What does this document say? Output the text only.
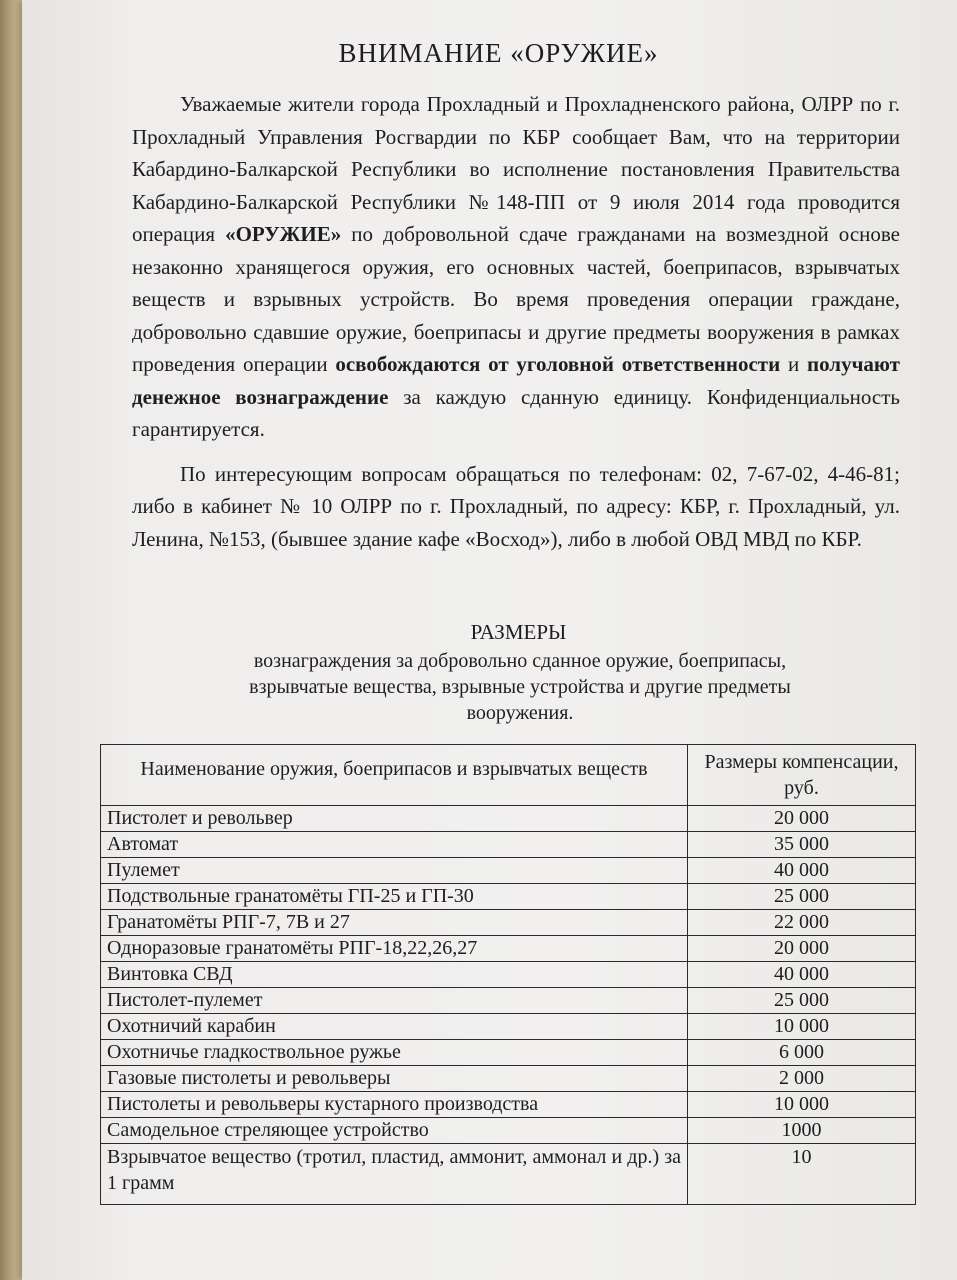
ВНИМАНИЕ «ОРУЖИЕ»

Уважаемые жители города Прохладный и Прохладненского района, ОЛРР по г. Прохладный Управления Росгвардии по КБР сообщает Вам, что на территории Кабардино-Балкарской Республики во исполнение постановления Правительства Кабардино-Балкарской Республики №148-ПП от 9 июля 2014 года проводится операция «ОРУЖИЕ» по добровольной сдаче гражданами на возмездной основе незаконно хранящегося оружия, его основных частей, боеприпасов, взрывчатых веществ и взрывных устройств. Во время проведения операции граждане, добровольно сдавшие оружие, боеприпасы и другие предметы вооружения в рамках проведения операции освобождаются от уголовной ответственности и получают денежное вознаграждение за каждую сданную единицу. Конфиденциальность гарантируется.

По интересующим вопросам обращаться по телефонам: 02, 7-67-02, 4-46-81; либо в кабинет № 10 ОЛРР по г. Прохладный, по адресу: КБР, г. Прохладный, ул. Ленина, №153, (бывшее здание кафе «Восход»), либо в любой ОВД МВД по КБР.

РАЗМЕРЫ
вознаграждения за добровольно сданное оружие, боеприпасы, взрывчатые вещества, взрывные устройства и другие предметы вооружения.
Наименование оружия, боеприпасов и взрывчатых веществ	Размеры компенсации, руб.
Пистолет и револьвер	20 000
Автомат	35 000
Пулемет	40 000
Подствольные гранатомёты ГП-25 и ГП-30	25 000
Гранатомёты РПГ-7, 7В и 27	22 000
Одноразовые гранатомёты РПГ-18,22,26,27	20 000
Винтовка СВД	40 000
Пистолет-пулемет	25 000
Охотничий карабин	10 000
Охотничье гладкоствольное ружье	6 000
Газовые пистолеты и револьверы	2 000
Пистолеты и револьверы кустарного производства	10 000
Самодельное стреляющее устройство	1000
Взрывчатое вещество (тротил, пластид, аммонит, аммонал и др.) за 1 грамм	10
